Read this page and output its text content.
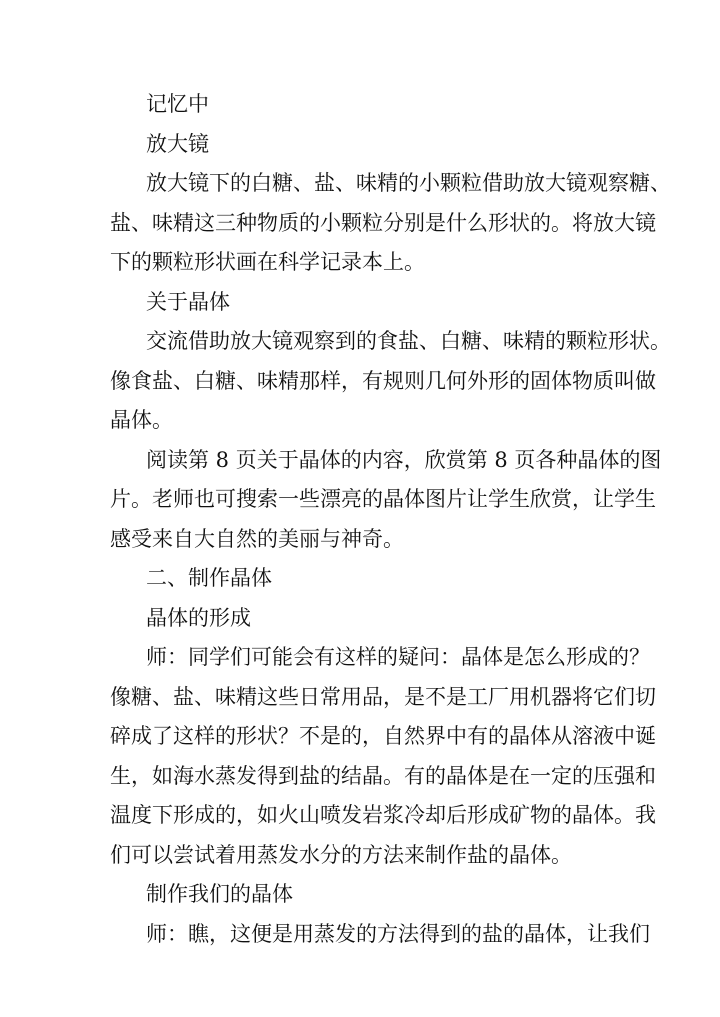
记忆中
放大镜
放大镜下的白糖、盐、味精的小颗粒借助放大镜观察糖、
盐、味精这三种物质的小颗粒分别是什么形状的。将放大镜
下的颗粒形状画在科学记录本上。
关于晶体
交流借助放大镜观察到的食盐、白糖、味精的颗粒形状。
像食盐、白糖、味精那样，有规则几何外形的固体物质叫做
晶体。
阅读第 8 页关于晶体的内容，欣赏第 8 页各种晶体的图
片。老师也可搜索一些漂亮的晶体图片让学生欣赏，让学生
感受来自大自然的美丽与神奇。
二、制作晶体
晶体的形成
师：同学们可能会有这样的疑问：晶体是怎么形成的？
像糖、盐、味精这些日常用品，是不是工厂用机器将它们切
碎成了这样的形状？不是的，自然界中有的晶体从溶液中诞
生，如海水蒸发得到盐的结晶。有的晶体是在一定的压强和
温度下形成的，如火山喷发岩浆冷却后形成矿物的晶体。我
们可以尝试着用蒸发水分的方法来制作盐的晶体。
制作我们的晶体
师：瞧，这便是用蒸发的方法得到的盐的晶体，让我们
